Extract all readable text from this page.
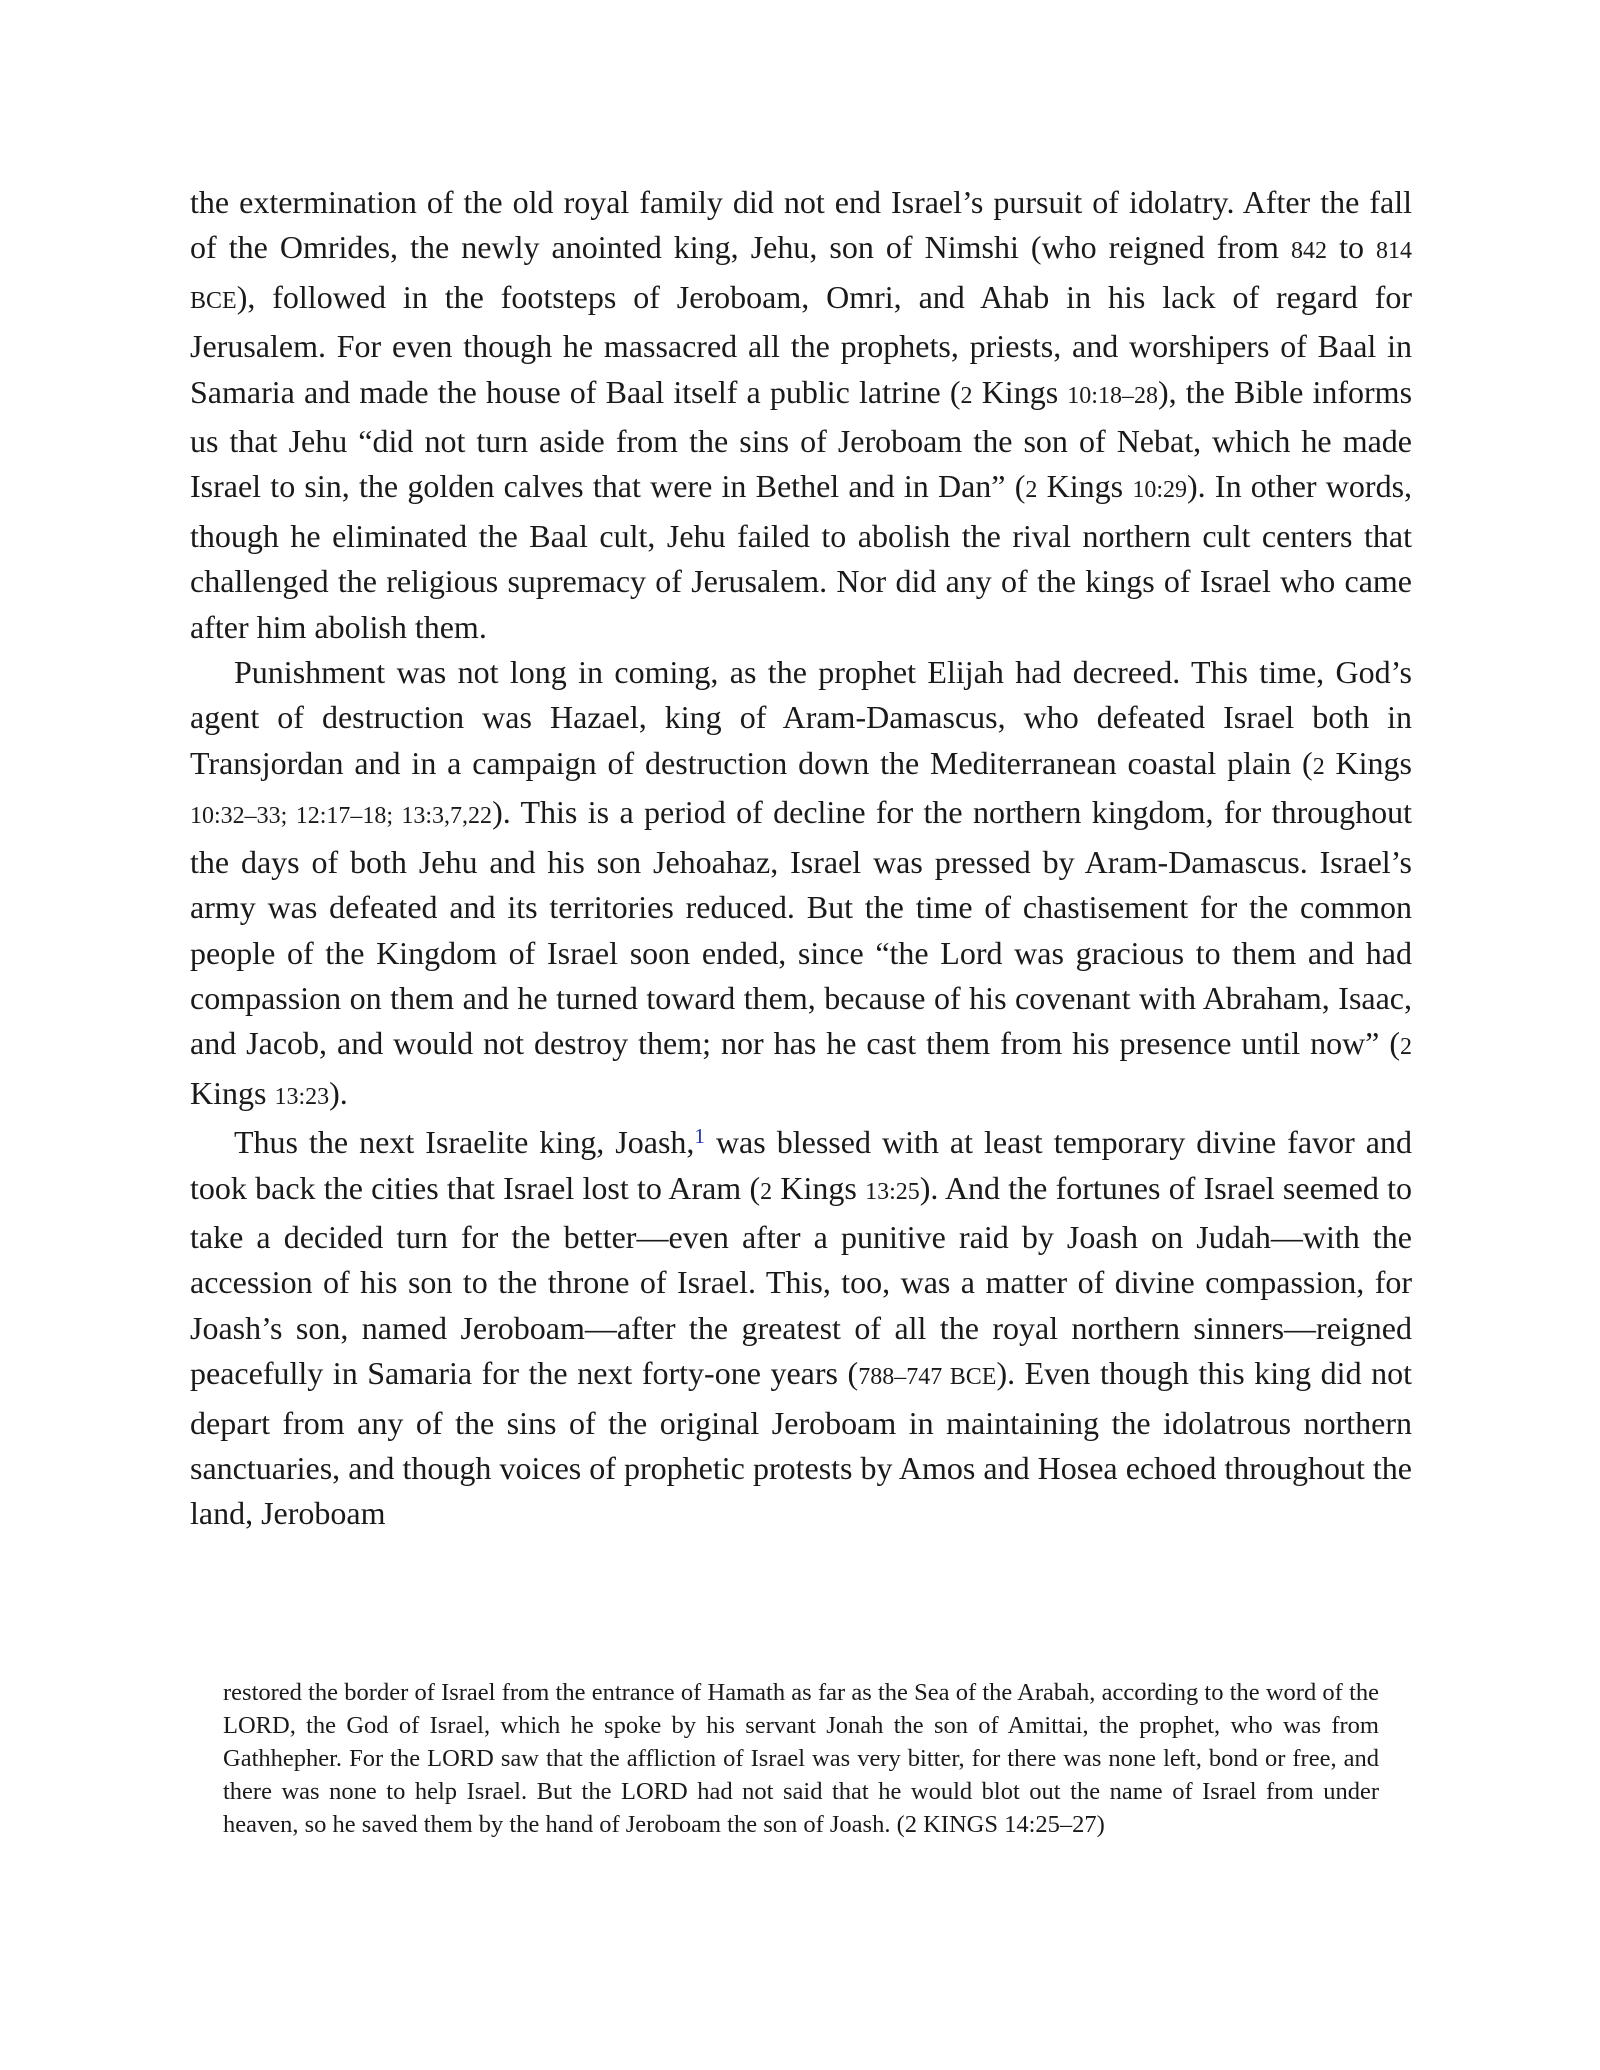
the extermination of the old royal family did not end Israel’s pursuit of idolatry. After the fall of the Omrides, the newly anointed king, Jehu, son of Nimshi (who reigned from 842 to 814 BCE), followed in the footsteps of Jeroboam, Omri, and Ahab in his lack of regard for Jerusalem. For even though he massacred all the prophets, priests, and worshipers of Baal in Samaria and made the house of Baal itself a public latrine (2 Kings 10:18–28), the Bible informs us that Jehu “did not turn aside from the sins of Jeroboam the son of Nebat, which he made Israel to sin, the golden calves that were in Bethel and in Dan” (2 Kings 10:29). In other words, though he eliminated the Baal cult, Jehu failed to abolish the rival northern cult centers that challenged the religious supremacy of Jerusalem. Nor did any of the kings of Israel who came after him abolish them.

Punishment was not long in coming, as the prophet Elijah had decreed. This time, God’s agent of destruction was Hazael, king of Aram-Damascus, who defeated Israel both in Transjordan and in a campaign of destruction down the Mediterranean coastal plain (2 Kings 10:32–33; 12:17–18; 13:3,7,22). This is a period of decline for the northern kingdom, for throughout the days of both Jehu and his son Jehoahaz, Israel was pressed by Aram-Damascus. Israel’s army was defeated and its territories reduced. But the time of chastisement for the common people of the Kingdom of Israel soon ended, since “the Lord was gracious to them and had compassion on them and he turned toward them, because of his covenant with Abraham, Isaac, and Jacob, and would not destroy them; nor has he cast them from his presence until now” (2 Kings 13:23).

Thus the next Israelite king, Joash,$^1$ was blessed with at least temporary divine favor and took back the cities that Israel lost to Aram (2 Kings 13:25). And the fortunes of Israel seemed to take a decided turn for the better—even after a punitive raid by Joash on Judah—with the accession of his son to the throne of Israel. This, too, was a matter of divine compassion, for Joash’s son, named Jeroboam—after the greatest of all the royal northern sinners—reigned peacefully in Samaria for the next forty-one years (788–747 BCE). Even though this king did not depart from any of the sins of the original Jeroboam in maintaining the idolatrous northern sanctuaries, and though voices of prophetic protests by Amos and Hosea echoed throughout the land, Jeroboam

restored the border of Israel from the entrance of Hamath as far as the Sea of the Arabah, according to the word of the LORD, the God of Israel, which he spoke by his servant Jonah the son of Amittai, the prophet, who was from Gathhepher. For the LORD saw that the affliction of Israel was very bitter, for there was none left, bond or free, and there was none to help Israel. But the LORD had not said that he would blot out the name of Israel from under heaven, so he saved them by the hand of Jeroboam the son of Joash. (2 KINGS 14:25–27)
